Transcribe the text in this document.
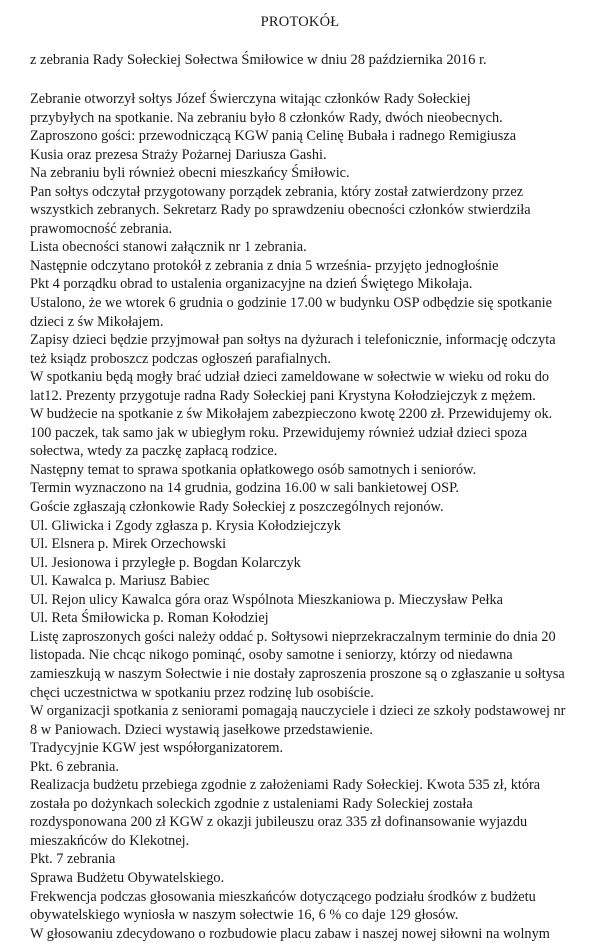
PROTOKÓŁ
z zebrania Rady Sołeckiej Sołectwa Śmiłowice w dniu 28 października 2016 r.
Zebranie otworzył sołtys Józef Świerczyna witając członków Rady Sołeckiej
przybyłych na spotkanie. Na zebraniu było 8 członków Rady, dwóch nieobecnych.
Zaproszono gości: przewodniczącą KGW panią Celinę Bubała i radnego Remigiusza
Kusia oraz prezesa Straży Pożarnej Dariusza Gashi.
Na zebraniu byli również obecni mieszkańcy Śmiłowic.
Pan sołtys odczytał przygotowany porządek zebrania, który został zatwierdzony przez
wszystkich zebranych. Sekretarz Rady po sprawdzeniu obecności członków stwierdziła
prawomocność zebrania.
Lista obecności stanowi załącznik nr 1 zebrania.
Następnie odczytano protokół z zebrania z dnia 5 września- przyjęto jednogłośnie
Pkt 4 porządku obrad to ustalenia organizacyjne na dzień Świętego Mikołaja.
Ustalono, że we wtorek 6 grudnia o godzinie 17.00 w budynku OSP odbędzie się spotkanie
dzieci z św Mikołajem.
Zapisy dzieci będzie przyjmował pan sołtys na dyżurach i telefonicznie, informację odczyta
też ksiądz proboszcz podczas ogłoszeń parafialnych.
W spotkaniu będą mogły brać udział dzieci zameldowane w sołectwie w wieku od roku do
lat12. Prezenty przygotuje radna Rady Sołeckiej pani Krystyna Kołodziejczyk z mężem.
W budżecie na spotkanie z św Mikołajem zabezpieczono kwotę 2200 zł. Przewidujemy ok.
100 paczek, tak samo jak w ubiegłym roku. Przewidujemy również udział dzieci spoza
sołectwa, wtedy za paczkę zapłacą rodzice.
Następny temat to sprawa spotkania opłatkowego osób samotnych i seniorów.
Termin wyznaczono na 14 grudnia, godzina 16.00 w sali bankietowej OSP.
Goście zgłaszają członkowie Rady Sołeckiej z poszczególnych rejonów.
Ul. Gliwicka i Zgody zgłasza p. Krysia Kołodziejczyk
Ul. Elsnera p. Mirek Orzechowski
Ul. Jesionowa i przyległe p. Bogdan Kolarczyk
Ul. Kawalca p. Mariusz Babiec
Ul. Rejon ulicy Kawalca góra oraz Wspólnota Mieszkaniowa p. Mieczysław Pełka
Ul. Reta Śmiłowicka p. Roman Kołodziej
Listę zaproszonych gości należy oddać p. Sołtysowi nieprzekraczalnym terminie do dnia 20
listopada. Nie chcąc nikogo pominąć, osoby samotne i seniorzy, którzy od niedawna
zamieszkują w naszym Sołectwie i nie dostały zaproszenia proszone są o zgłaszanie u sołtysa
chęci uczestnictwa w spotkaniu przez rodzinę lub osobiście.
W organizacji spotkania z seniorami pomagają nauczyciele i dzieci ze szkoły podstawowej nr
8 w Paniowach. Dzieci wystawią jasełkowe przedstawienie.
Tradycyjnie KGW jest współorganizatorem.
Pkt. 6 zebrania.
Realizacja budżetu przebiega zgodnie z założeniami Rady Sołeckiej. Kwota 535 zł, która
została po dożynkach soleckich zgodnie z ustaleniami Rady Soleckiej została
rozdysponowana 200 zł KGW z okazji jubileuszu oraz 335 zł dofinansowanie wyjazdu
mieszakńców do Klekotnej.
Pkt. 7 zebrania
Sprawa Budżetu Obywatelskiego.
Frekwencja podczas głosowania mieszkańców dotyczącego podziału środków z budżetu
obywatelskiego wyniosła w naszym sołectwie 16, 6 % co daje 129 głosów.
W głosowaniu zdecydowano o rozbudowie placu zabaw i naszej nowej siłowni na wolnym
